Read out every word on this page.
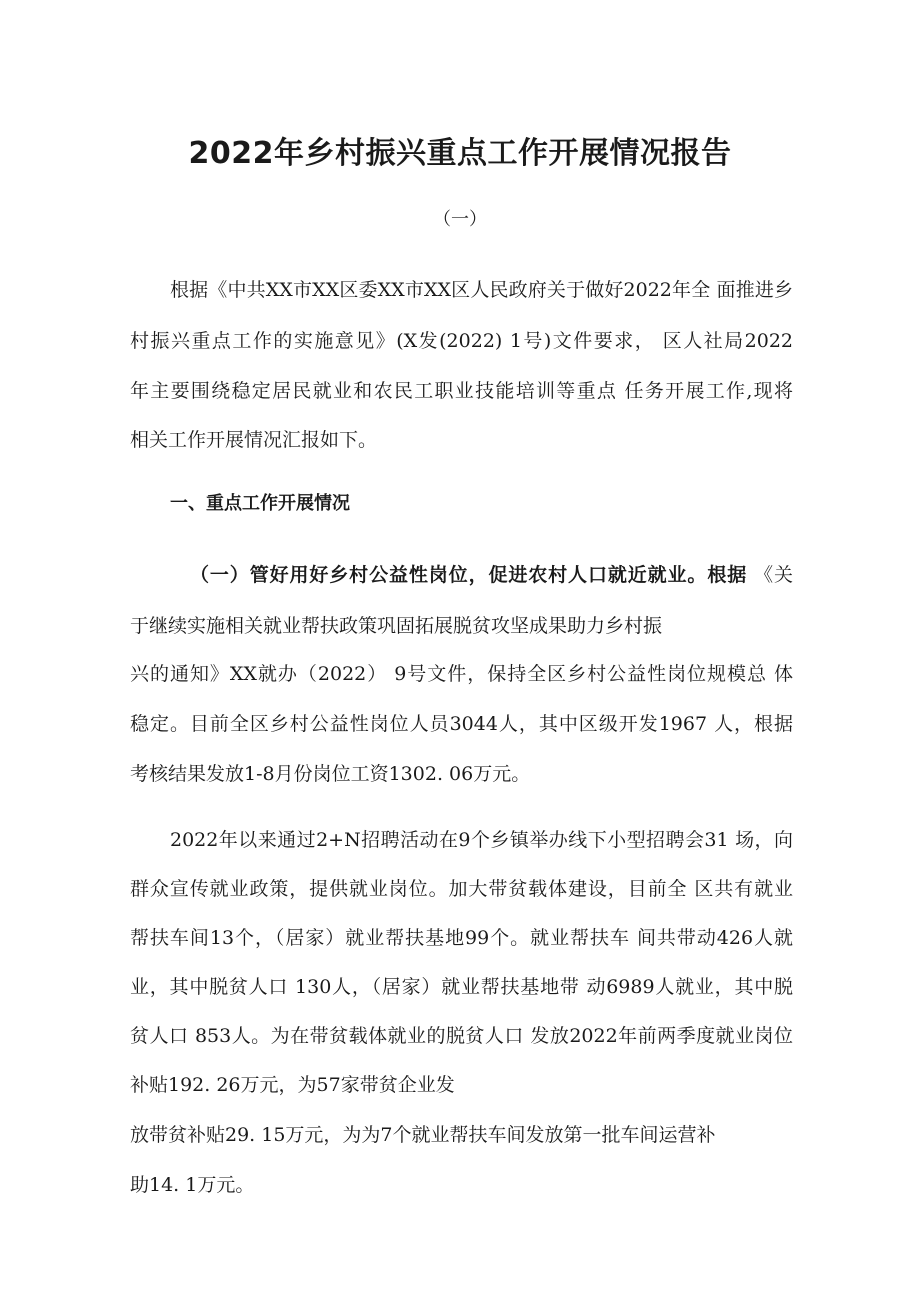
2022年乡村振兴重点工作开展情况报告
（一）
根据《中共XX市XX区委XX市XX区人民政府关于做好2022年全 面推进乡
村振兴重点工作的实施意见》(X发(2022) 1号)文件要求， 区人社局2022
年主要围绕稳定居民就业和农民工职业技能培训等重点 任务开展工作,现将
相关工作开展情况汇报如下。
一、重点工作开展情况
（一）管好用好乡村公益性岗位，促进农村人口就近就业。根据 《关
于继续实施相关就业帮扶政策巩固拓展脱贫攻坚成果助力乡村振
兴的通知》XX就办（2022） 9号文件，保持全区乡村公益性岗位规模总 体
稳定。目前全区乡村公益性岗位人员3044人，其中区级开发1967 人，根据
考核结果发放1-8月份岗位工资1302. 06万元。
2022年以来通过2+N招聘活动在9个乡镇举办线下小型招聘会31 场，向
群众宣传就业政策，提供就业岗位。加大带贫载体建设，目前全 区共有就业
帮扶车间13个，（居家）就业帮扶基地99个。就业帮扶车 间共带动426人就
业，其中脱贫人口 130人，（居家）就业帮扶基地带 动6989人就业，其中脱
贫人口 853人。为在带贫载体就业的脱贫人口 发放2022年前两季度就业岗位
补贴192. 26万元，为57家带贫企业发
放带贫补贴29. 15万元，为为7个就业帮扶车间发放第一批车间运营补
助14. 1万元。
